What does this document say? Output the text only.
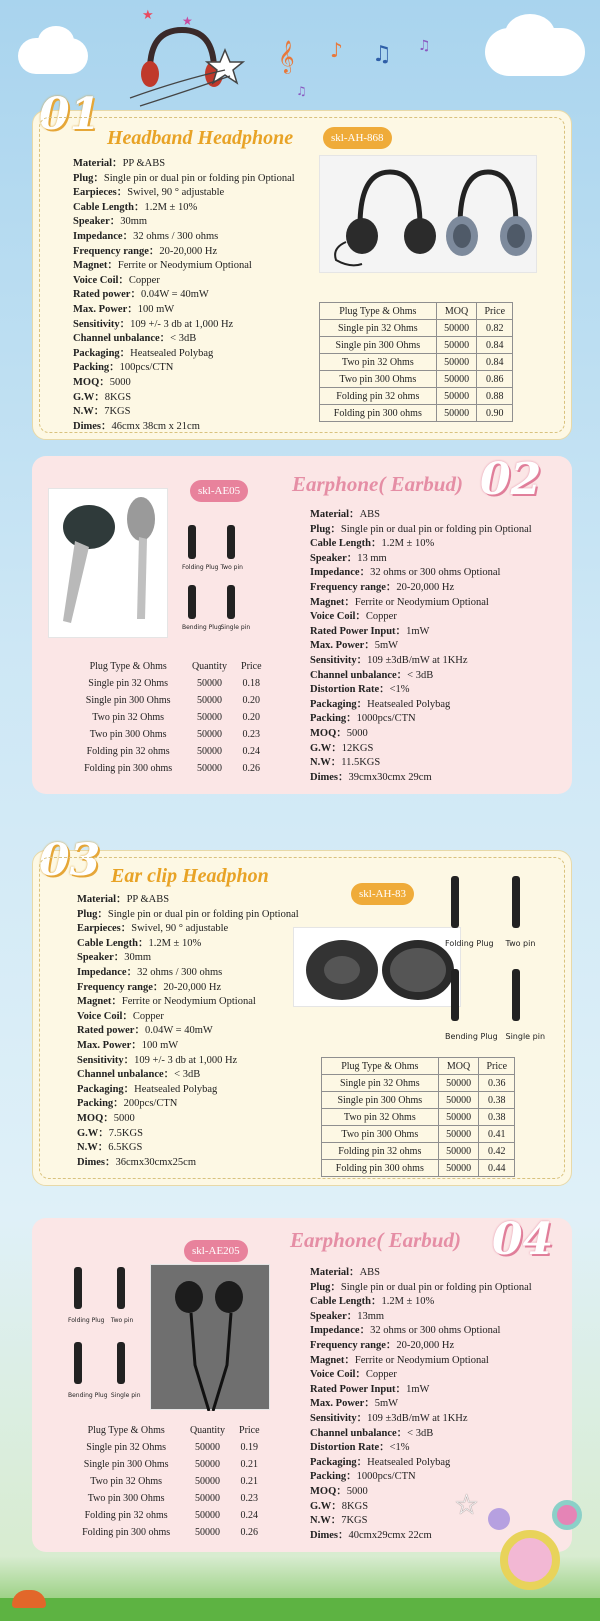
★ ★
𝄞 ♪ ♫ ♫
♫
01 Headband Headphone	skl-AH-868
Material：PP &ABS
Plug：Single pin or dual pin or folding pin Optional
Earpieces：Swivel, 90 ° adjustable
Cable Length：1.2M ± 10%
Speaker：30mm
Impedance：32 ohms / 300 ohms
Frequency range：20-20,000 Hz
Magnet：Ferrite or Neodymium Optional
Voice Coil：Copper
Rated power：0.04W = 40mW
Max. Power：100 mW
Sensitivity：109 +/- 3 db at 1,000 Hz
Channel unbalance：< 3dB
Packaging：Heatsealed Polybag
Packing：100pcs/CTN
MOQ：5000
G.W：8KGS
N.W：7KGS
Dimes：46cmx 38cm x 21cm
Plug Type & Ohms	MOQ	Price
Single pin 32 Ohms	50000	0.82
Single pin 300 Ohms	50000	0.84
Two pin 32 Ohms	50000	0.84
Two pin 300 Ohms	50000	0.86
Folding pin 32 ohms	50000	0.88
Folding pin 300 ohms	50000	0.90
02
Earphone( Earbud)
skl-AE05
Folding Plug Two pin
Bending Plug
Single pin
Plug Type & Ohms	Quantity	Price
Single pin 32 Ohms	50000	0.18
Single pin 300 Ohms	50000	0.20
Two pin 32 Ohms	50000	0.20
Two pin 300 Ohms	50000	0.23
Folding pin 32 ohms	50000	0.24
Folding pin 300 ohms	50000	0.26
Material：ABS
Plug：Single pin or dual pin or folding pin Optional
Cable Length：1.2M ± 10%
Speaker：13 mm
Impedance：32 ohms or 300 ohms Optional
Frequency range：20-20,000 Hz
Magnet：Ferrite or Neodymium Optional
Voice Coil：Copper
Rated Power Input：1mW
Max. Power：5mW
Sensitivity：109 ±3dB/mW at 1KHz
Channel unbalance：< 3dB
Distortion Rate：<1%
Packaging：Heatsealed Polybag
Packing：1000pcs/CTN
MOQ：5000
G.W：12KGS
N.W：11.5KGS
Dimes：39cmx30cmx 29cm
03 Ear clip Headphon
skl-AH-83
Material：PP &ABS
Plug：Single pin or dual pin or folding pin Optional
Earpieces：Swivel, 90 ° adjustable
Cable Length：1.2M ± 10%
Speaker：30mm
Impedance：32 ohms / 300 ohms
Frequency range：20-20,000 Hz
Magnet：Ferrite or Neodymium Optional
Voice Coil：Copper
Rated power：0.04W = 40mW
Max. Power：100 mW
Sensitivity：109 +/- 3 db at 1,000 Hz
Channel unbalance：< 3dB
Packaging：Heatsealed Polybag
Packing：200pcs/CTN
MOQ：5000
G.W：7.5KGS
N.W：6.5KGS
Dimes：36cmx30cmx25cm
Folding Plug Two pin
Bending Plug Single pin
Plug Type & Ohms	MOQ	Price
Single pin 32 Ohms	50000	0.36
Single pin 300 Ohms	50000	0.38
Two pin 32 Ohms	50000	0.38
Two pin 300 Ohms	50000	0.41
Folding pin 32 ohms	50000	0.42
Folding pin 300 ohms	50000	0.44
04
Earphone( Earbud)
skl-AE205
Folding Plug Two pin
Bending Plug Single pin
Plug Type & Ohms	Quantity	Price
Single pin 32 Ohms	50000	0.19
Single pin 300 Ohms	50000	0.21
Two pin 32 Ohms	50000	0.21
Two pin 300 Ohms	50000	0.23
Folding pin 32 ohms	50000	0.24
Folding pin 300 ohms	50000	0.26
Material：ABS
Plug：Single pin or dual pin or folding pin Optional
Cable Length：1.2M ± 10%
Speaker：13mm
Impedance：32 ohms or 300 ohms Optional
Frequency range：20-20,000 Hz
Magnet：Ferrite or Neodymium Optional
Voice Coil：Copper
Rated Power Input：1mW
Max. Power：5mW
Sensitivity：109 ±3dB/mW at 1KHz
Channel unbalance：< 3dB
Distortion Rate：<1%
Packaging：Heatsealed Polybag
Packing：1000pcs/CTN
MOQ：5000
G.W：8KGS
N.W：7KGS
Dimes：40cmx29cmx 22cm
☆
